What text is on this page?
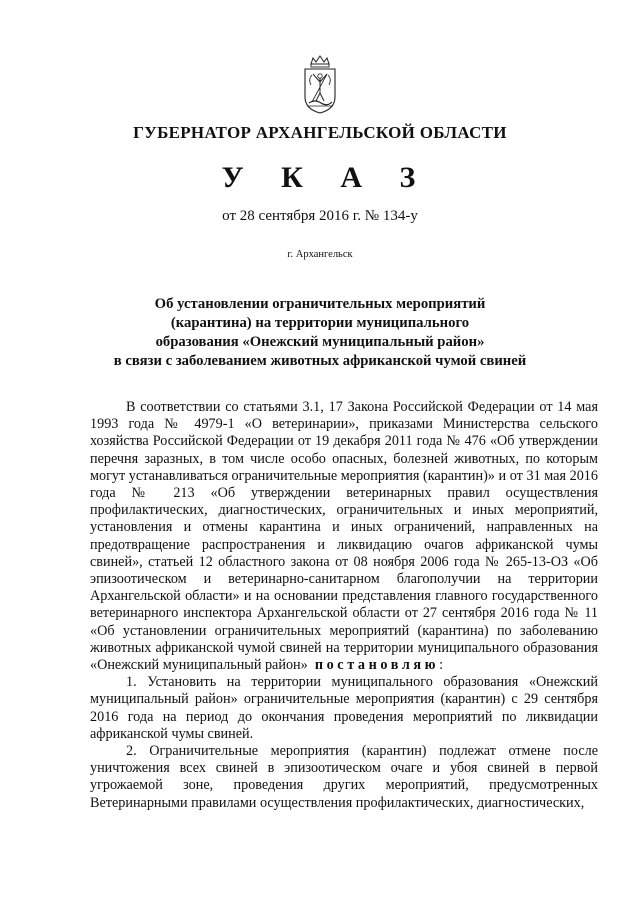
ГУБЕРНАТОР АРХАНГЕЛЬСКОЙ ОБЛАСТИ
У К А З
от 28 сентября 2016 г. № 134-у
г. Архангельск
Об установлении ограничительных мероприятий
(карантина) на территории муниципального
образования «Онежский муниципальный район»
в связи с заболеванием животных африканской чумой свиней

В соответствии со статьями 3.1, 17 Закона Российской Федерации от 14 мая 1993 года № 4979-1 «О ветеринарии», приказами Министерства сельского хозяйства Российской Федерации от 19 декабря 2011 года № 476 «Об утверждении перечня заразных, в том числе особо опасных, болезней животных, по которым могут устанавливаться ограничительные мероприятия (карантин)» и от 31 мая 2016 года № 213 «Об утверждении ветеринарных правил осуществления профилактических, диагностических, ограничительных и иных мероприятий, установления и отмены карантина и иных ограничений, направленных на предотвращение распространения и ликвидацию очагов африканской чумы свиней», статьей 12 областного закона от 08 ноября 2006 года № 265-13-ОЗ «Об эпизоотическом и ветеринарно-санитарном благополучии на территории Архангельской области» и на основании представления главного государственного ветеринарного инспектора Архангельской области от 27 сентября 2016 года № 11 «Об установлении ограничительных мероприятий (карантина) по заболеванию животных африканской чумой свиней на территории муниципального образования «Онежский муниципальный район» постановляю:

1. Установить на территории муниципального образования «Онежский муниципальный район» ограничительные мероприятия (карантин) с 29 сентября 2016 года на период до окончания проведения мероприятий по ликвидации африканской чумы свиней.

2. Ограничительные мероприятия (карантин) подлежат отмене после уничтожения всех свиней в эпизоотическом очаге и убоя свиней в первой угрожаемой зоне, проведения других мероприятий, предусмотренных Ветеринарными правилами осуществления профилактических, диагностических,
